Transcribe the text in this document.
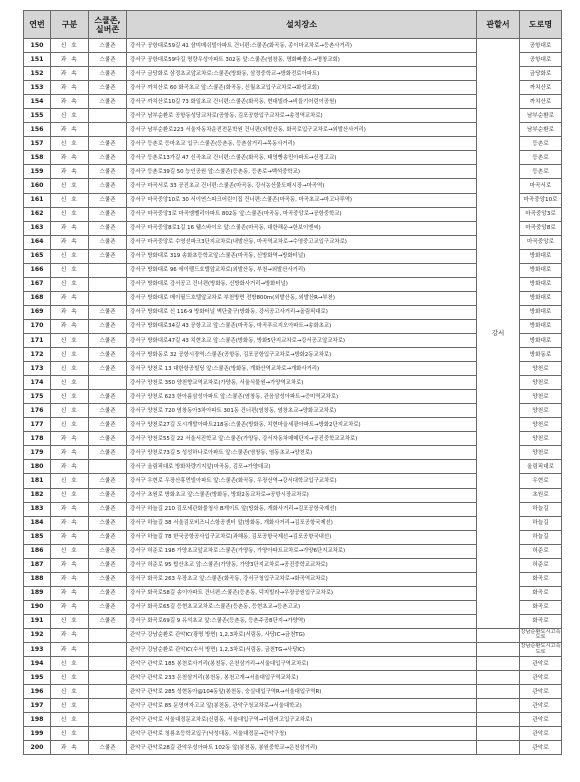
연번	구분	스쿨존,
실버존	설치장소	관할서	도로명
150	신 호	스쿨존	강서구 공항대로59길 41 삼미매쉬빌아파트 건너편:스쿨존(화곡동, 종이마교차로→등촌사거리)	강서	공항대로
151	과 속	스쿨존	강서구 공항대로59다길 명량우성아파트 302동 앞:스쿨존(염창동, 명화빠졸소→명창교회)		공항대로
152	과 속	스쿨존	강서구 금당화로 삼정초교앞교차로:스쿨존(방화동, 삼정중학교→방화전로아파트)		금당화로
153	과 속	스쿨존	강서구 까치산로 60 화곡초교 앞:스쿨존(화곡동, 신월초교입구교차로→화성교회)		까치산로
154	과 속	스쿨존	강서구 까치산로10길 73 화일초교 건너편:스쿨존(화곡동, 현대빌라→비들기어린이공원)		까치산로
155	신 호		강서구 남부순환로 공항동성당교차로(공항동, 김포공항입구교차로→송정역교차로)		남부순환로
156	과 속		강서구 남부순환로223 서울자동차운전전문학원 건너편(외발산동, 화곡로입구교차로→외발산사거리)		남부순환로
157	신 호	스쿨존	강서구 등촌로 등마초교 입구:스쿨존(등촌동, 등촌삼거리→목동사거리)		등촌로
158	과 속	스쿨존	강서구 등촌로13가길 47 신곡초교 건너편:스쿨존(화곡동, 태영빵송민아파트→신정고교)		등촌로
159	과 속	스쿨존	강서구 등촌로39길 50 능인공원 앞:스쿨존(등촌동, 등촌로→백석중학교)		등촌로
160	신 호	스쿨존	강서구 마곡서로 33 공진초교 건너편:스쿨존(마곡동, 강서농산물도매시장→마곡역)		마곡서로
161	신 호	스쿨존	강서구 마곡중앙10로 30 서이연스파크어린이집 건너편:스쿨존(마곡동, 마곡초교→마고나루역)		마곡중앙10로
162	신 호	스쿨존	강서구 마곡중앙3로 마곡엠벨리아파트 802동 앞:스쿨존(마곡동, 마곡중앙로→공항중학교)		마곡중앙3로
163	과 속	스쿨존	강서구 마곡중앙8로1길 16 웰스바이오 앞:스쿨존(마곡동, 대한해운→한보이엔씨)		마곡중앙8로
164	과 속	스쿨존	강서구 마곡중앙로 수영선파크3단지교차로(내발산동, 마곡역교차로→수영중고교입구교차로)		마곡중앙로
165	신 호	스쿨존	강서구 방화대로 319 송화초등학교앞:스쿨존(마곡동, 신방화역→방화터널)		방화대로
166	신 호		강서구 방화대로 96 에이펠드호텔앞교차로(외발산동, 부천→외발산사거리)		방화대로
167	신 호		강서구 방화대로 강서공고 건너편(방화동, 신방화사거리→방화터널)		방화대로
168	과 속		강서구 방화대로 메이필드호텔앞교차로 부천방면 전방800m(외발산동, 외발산R→부천)		방화대로
169	과 속	스쿨존	강서구 방화대로 신 116-9 방화터널 벽단출구(방화동, 강서공고사거리→올림픽대로)		방화대로
170	과 속	스쿨존	강서구 방화대로34길 43 공항고교 앞:스쿨존(마곡동, 마곡푸르지오아파트→송화초교)		방화대로
171	신 호	스쿨존	강서구 방화대로47길 43 치현초교 앞:스쿨존(방화동, 방화5단지교차로→강서공고앞교차로)		방화대로
172	신 호	스쿨존	강서구 방화동로 32 공항시장역:스쿨존(공항동, 김포공항입구교차로→방화2동교차로)		방화동로
173	신 호	스쿨존	강서구 양천로 13 대한항공빌딩 앞:스쿨존(방화동, 개화산역교차로→개화사거리)		양천로
174	신 호		강서구 양천로 350 양천향교역교차로(가양동, 서울식물원→가양역교차로)		양천로
175	신 호	스쿨존	강서구 양천로 623 한아름삼성아파트 앞:스쿨존(염창동, 관음삼성아파트→증미역교차로)		양천로
176	신 호	스쿨존	강서구 양천로 720 염창동아3차아파트 301동 건너편(염창동, 염창초교→양화교교차로)		양천로
177	신 호	스쿨존	강서구 양천로27길 도시개발아파트218동:스쿨존(방화동, 치현마을세광아파트→방화2단지교차로)		양천로
178	과 속	스쿨존	강서구 양천로55길 22 서울서진학교 앞:스쿨존(가양동, 강서자동차매매단지→공진중학교교차로)		양천로
179	과 속	스쿨존	강서구 양천로73길 5 성성하나로아파트 앞:스쿨존(염창동, 염동초교→양천로)		양천로
180	과 속		강서구 올림픽대로 방화차량기지앞(마곡동, 김포→가양대교)		올림픽대로
181	신 호	스쿨존	강서구 우현로 우장산휴먼빌아파트 앞:스쿨존(화곡동, 우장산역→강서대학교입구교차로)		우현로
182	신 호	스쿨존	강서구 초원로 방화초교 앞:스쿨존(방화동, 방화2동교차로→공항시장교차로)		초원로
183	과 속	스쿨존	강서구 하늘길 210 김포세관화물청사 B게이트 앞(방화동, 개화사거리→김포공항국제선)		하늘길
184	과 속	스쿨존	강서구 하늘길 38 서울김포비즈니스항공센터 앞(방화동, 개화사거리→김포공항국제선)		하늘길
185	과 속	스쿨존	강서구 하늘길 78 한국공항공사입구교차로(과해동, 김포공항국제선→김포공항국내선)		하늘길
186	신 호	스쿨존	강서구 허준로 198 가양초교앞교차로:스쿨존(가양동, 가양아파트교차로→가양6단지교차로)		허준로
187	과 속	스쿨존	강서구 허준로 95 탑산초교 앞:스쿨존(가양동, 가양3단지교차로→공진중학교교차로)		허준로
188	과 속	스쿨존	강서구 화곡로 263 우장초교 앞:스쿨존(화곡동, 강서구청입구교차로→화곡역교차로)		화곡로
189	과 속	스쿨존	강서구 화곡로58길 송이아파트 건너편:스쿨존(등촌동, 덕지빌라→우장공원입구교차로)		화곡로
190	과 속	스쿨존	강서구 화곡로65길 등현초교교차로:스쿨존(등촌동, 등현초교→등촌고교)		화곡로
191	신 호	스쿨존	강서구 화곡로69길 9 유석초교 앞:스쿨존(등촌동, 등촌주공8단지→가양역)		화곡로
192	과 속		관악구 강남순환로 관악IC(광명 방면) 1,2,3차로(서림동, 사당IC→금천TG)		강남순환도시고속도로
193	과 속		관악구 강남순환로 관악IC(수서 방면) 1,2,3차로(서림동, 금천TG→사당IC)		강남순환도시고속도로
194	신 호		관악구 관악로 185 봉천로사거리(봉천동, 은천삼거리→서울대입구역교차로)		관악로
195	신 호		관악구 관악로 233 은천삼거리(봉천동, 봉천고개→서울대입구역교차로)		관악로
196	신 호		관악구 관악로 285 성현동아@104동앞(봉천동, 숭실대입구역R→서울대입구역R)		관악로
197	신 호		관악구 관악로 85 문영여자고교 앞(봉천동, 관악구청교차로→서울대학교)		관악로
198	신 호		관악구 관악로 서울대정문교차로(신림동, 서울대입구역→미림여고입구교차로)		관악로
199	신 호		관악구 관악로 청룡초등학교입구(낙성대동, 서울대정문→관악구청)		관악로
200	과 속	스쿨존	관악구 관악로28길 관악우성아파트 102동 앞(봉천동, 봉원중학교→은천삼거리)		관악로
